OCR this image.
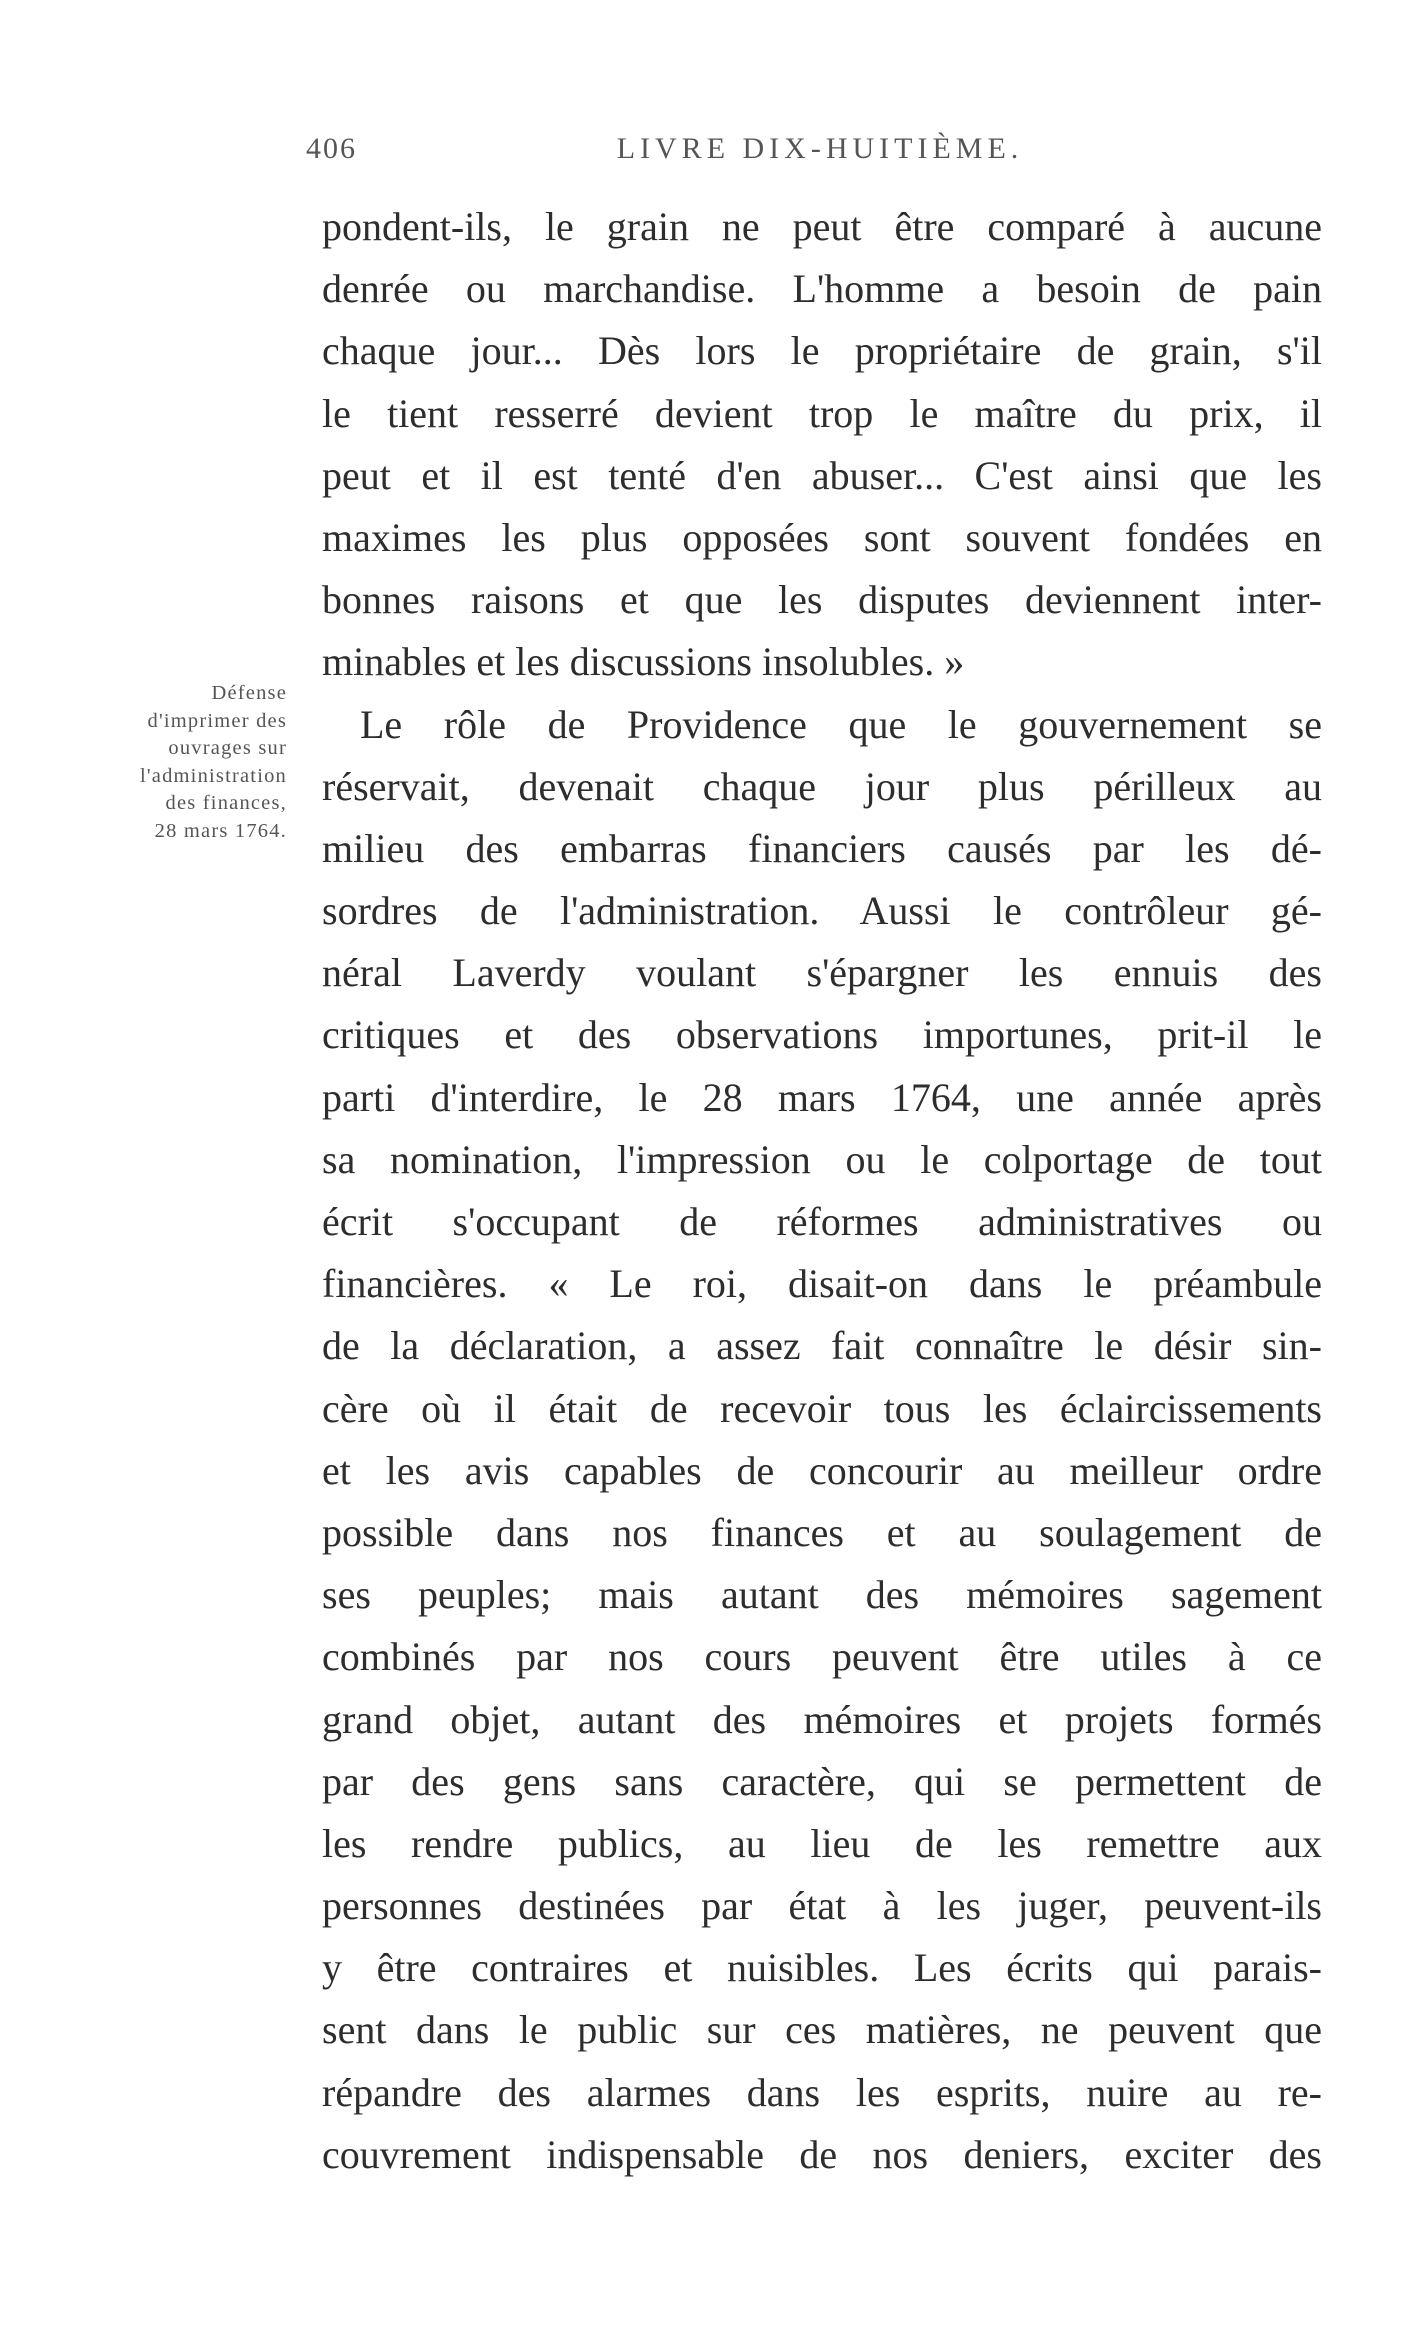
406	LIVRE DIX-HUITIÈME.
Défense
d'imprimer des
ouvrages sur
l'administration
des finances,
28 mars 1764.
pondent-ils, le grain ne peut être comparé à aucune
denrée ou marchandise. L'homme a besoin de pain
chaque jour... Dès lors le propriétaire de grain, s'il
le tient resserré devient trop le maître du prix, il
peut et il est tenté d'en abuser... C'est ainsi que les
maximes les plus opposées sont souvent fondées en
bonnes raisons et que les disputes deviennent inter-
minables et les discussions insolubles. »
Le rôle de Providence que le gouvernement se
réservait, devenait chaque jour plus périlleux au
milieu des embarras financiers causés par les dé-
sordres de l'administration. Aussi le contrôleur gé-
néral Laverdy voulant s'épargner les ennuis des
critiques et des observations importunes, prit-il le
parti d'interdire, le 28 mars 1764, une année après
sa nomination, l'impression ou le colportage de tout
écrit s'occupant de réformes administratives ou
financières. « Le roi, disait-on dans le préambule
de la déclaration, a assez fait connaître le désir sin-
cère où il était de recevoir tous les éclaircissements
et les avis capables de concourir au meilleur ordre
possible dans nos finances et au soulagement de
ses peuples; mais autant des mémoires sagement
combinés par nos cours peuvent être utiles à ce
grand objet, autant des mémoires et projets formés
par des gens sans caractère, qui se permettent de
les rendre publics, au lieu de les remettre aux
personnes destinées par état à les juger, peuvent-ils
y être contraires et nuisibles. Les écrits qui parais-
sent dans le public sur ces matières, ne peuvent que
répandre des alarmes dans les esprits, nuire au re-
couvrement indispensable de nos deniers, exciter des
